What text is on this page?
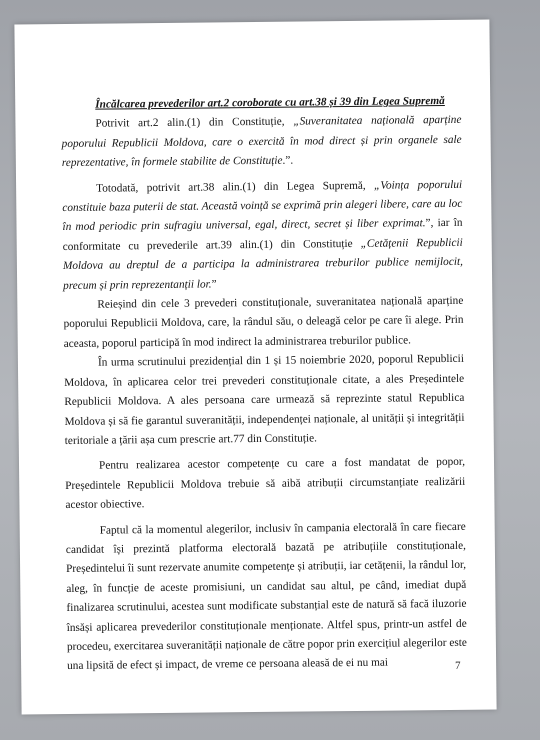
Încălcarea prevederilor art.2 coroborate cu art.38 și 39 din Legea Supremă

Potrivit art.2 alin.(1) din Constituție, „Suveranitatea națională aparține poporului Republicii Moldova, care o exercită în mod direct și prin organele sale reprezentative, în formele stabilite de Constituție.”.

Totodată, potrivit art.38 alin.(1) din Legea Supremă, „Voința poporului constituie baza puterii de stat. Această voință se exprimă prin alegeri libere, care au loc în mod periodic prin sufragiu universal, egal, direct, secret și liber exprimat.”, iar în conformitate cu prevederile art.39 alin.(1) din Constituție „Cetățenii Republicii Moldova au dreptul de a participa la administrarea treburilor publice nemijlocit, precum și prin reprezentanții lor.”

Reieșind din cele 3 prevederi constituționale, suveranitatea națională aparține poporului Republicii Moldova, care, la rândul său, o deleagă celor pe care îi alege. Prin aceasta, poporul participă în mod indirect la administrarea treburilor publice.

În urma scrutinului prezidențial din 1 și 15 noiembrie 2020, poporul Republicii Moldova, în aplicarea celor trei prevederi constituționale citate, a ales Președintele Republicii Moldova. A ales persoana care urmează să reprezinte statul Republica Moldova și să fie garantul suveranității, independenței naționale, al unității și integrității teritoriale a țării așa cum prescrie art.77 din Constituție.

Pentru realizarea acestor competențe cu care a fost mandatat de popor, Președintele Republicii Moldova trebuie să aibă atribuții circumstanțiate realizării acestor obiective.

Faptul că la momentul alegerilor, inclusiv în campania electorală în care fiecare candidat își prezintă platforma electorală bazată pe atribuțiile constituționale, Președintelui îi sunt rezervate anumite competențe și atribuții, iar cetățenii, la rândul lor, aleg, în funcție de aceste promisiuni, un candidat sau altul, pe când, imediat după finalizarea scrutinului, acestea sunt modificate substanțial este de natură să facă iluzorie însăși aplicarea prevederilor constituționale menționate. Altfel spus, printr-un astfel de procedeu, exercitarea suveranității naționale de către popor prin exercițiul alegerilor este una lipsită de efect și impact, de vreme ce persoana aleasă de ei nu mai	7
